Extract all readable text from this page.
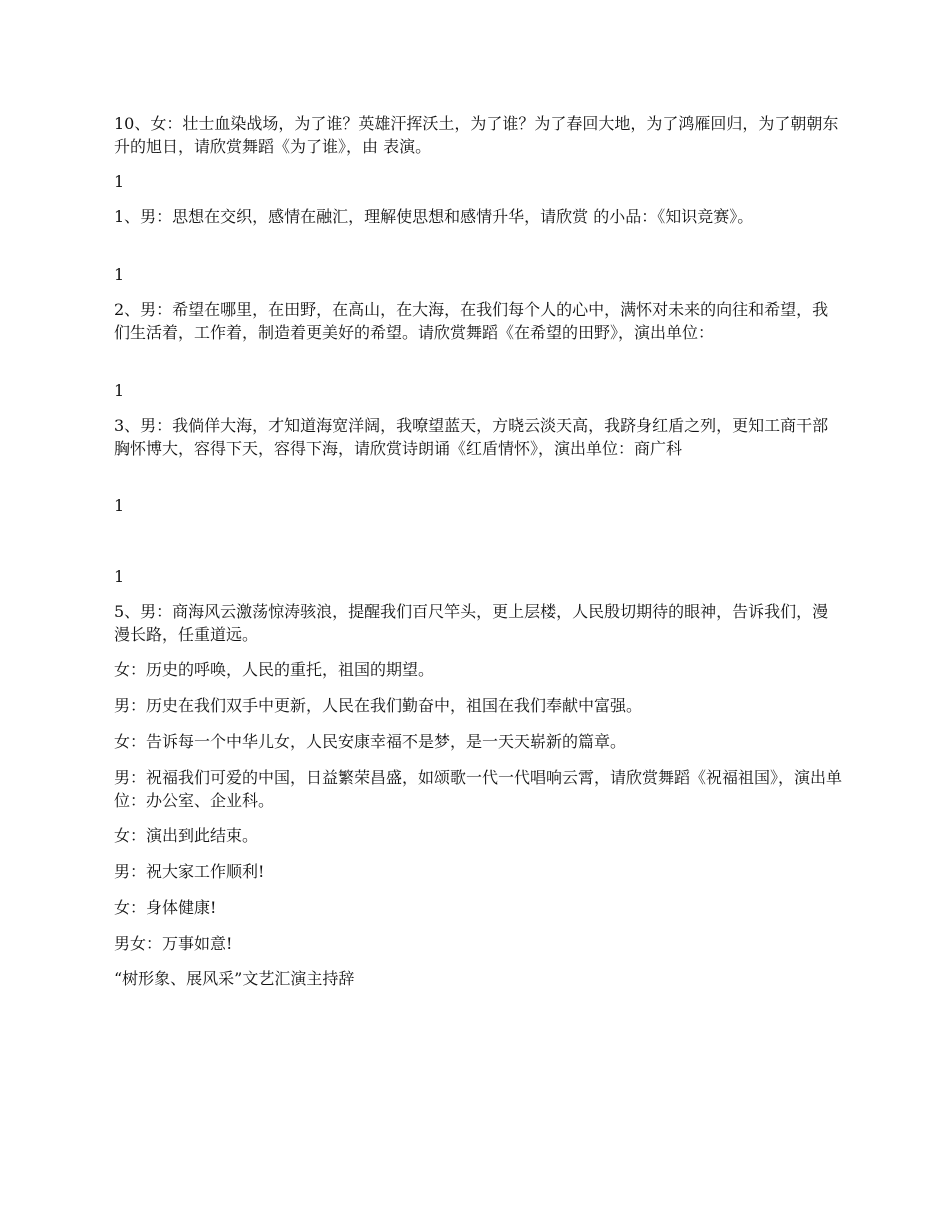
10、女：壮士血染战场，为了谁？英雄汗挥沃土，为了谁？为了春回大地，为了鸿雁回归，为了朝朝东升的旭日，请欣赏舞蹈《为了谁》，由 表演。

1

1、男：思想在交织，感情在融汇，理解使思想和感情升华，请欣赏 的小品：《知识竞赛》。

1

2、男：希望在哪里，在田野，在高山，在大海，在我们每个人的心中，满怀对未来的向往和希望，我们生活着，工作着，制造着更美好的希望。请欣赏舞蹈《在希望的田野》，演出单位：

1

3、男：我倘佯大海，才知道海宽洋阔，我嘹望蓝天，方晓云淡天高，我跻身红盾之列，更知工商干部胸怀博大，容得下天，容得下海，请欣赏诗朗诵《红盾情怀》，演出单位：商广科

1

1

5、男：商海风云激荡惊涛骇浪，提醒我们百尺竿头，更上层楼，人民殷切期待的眼神，告诉我们，漫漫长路，任重道远。

女：历史的呼唤，人民的重托，祖国的期望。

男：历史在我们双手中更新，人民在我们勤奋中，祖国在我们奉献中富强。

女：告诉每一个中华儿女，人民安康幸福不是梦，是一天天崭新的篇章。

男：祝福我们可爱的中国，日益繁荣昌盛，如颂歌一代一代唱响云霄，请欣赏舞蹈《祝福祖国》，演出单位：办公室、企业科。

女：演出到此结束。

男：祝大家工作顺利!

女：身体健康!

男女：万事如意!

“树形象、展风采”文艺汇演主持辞
